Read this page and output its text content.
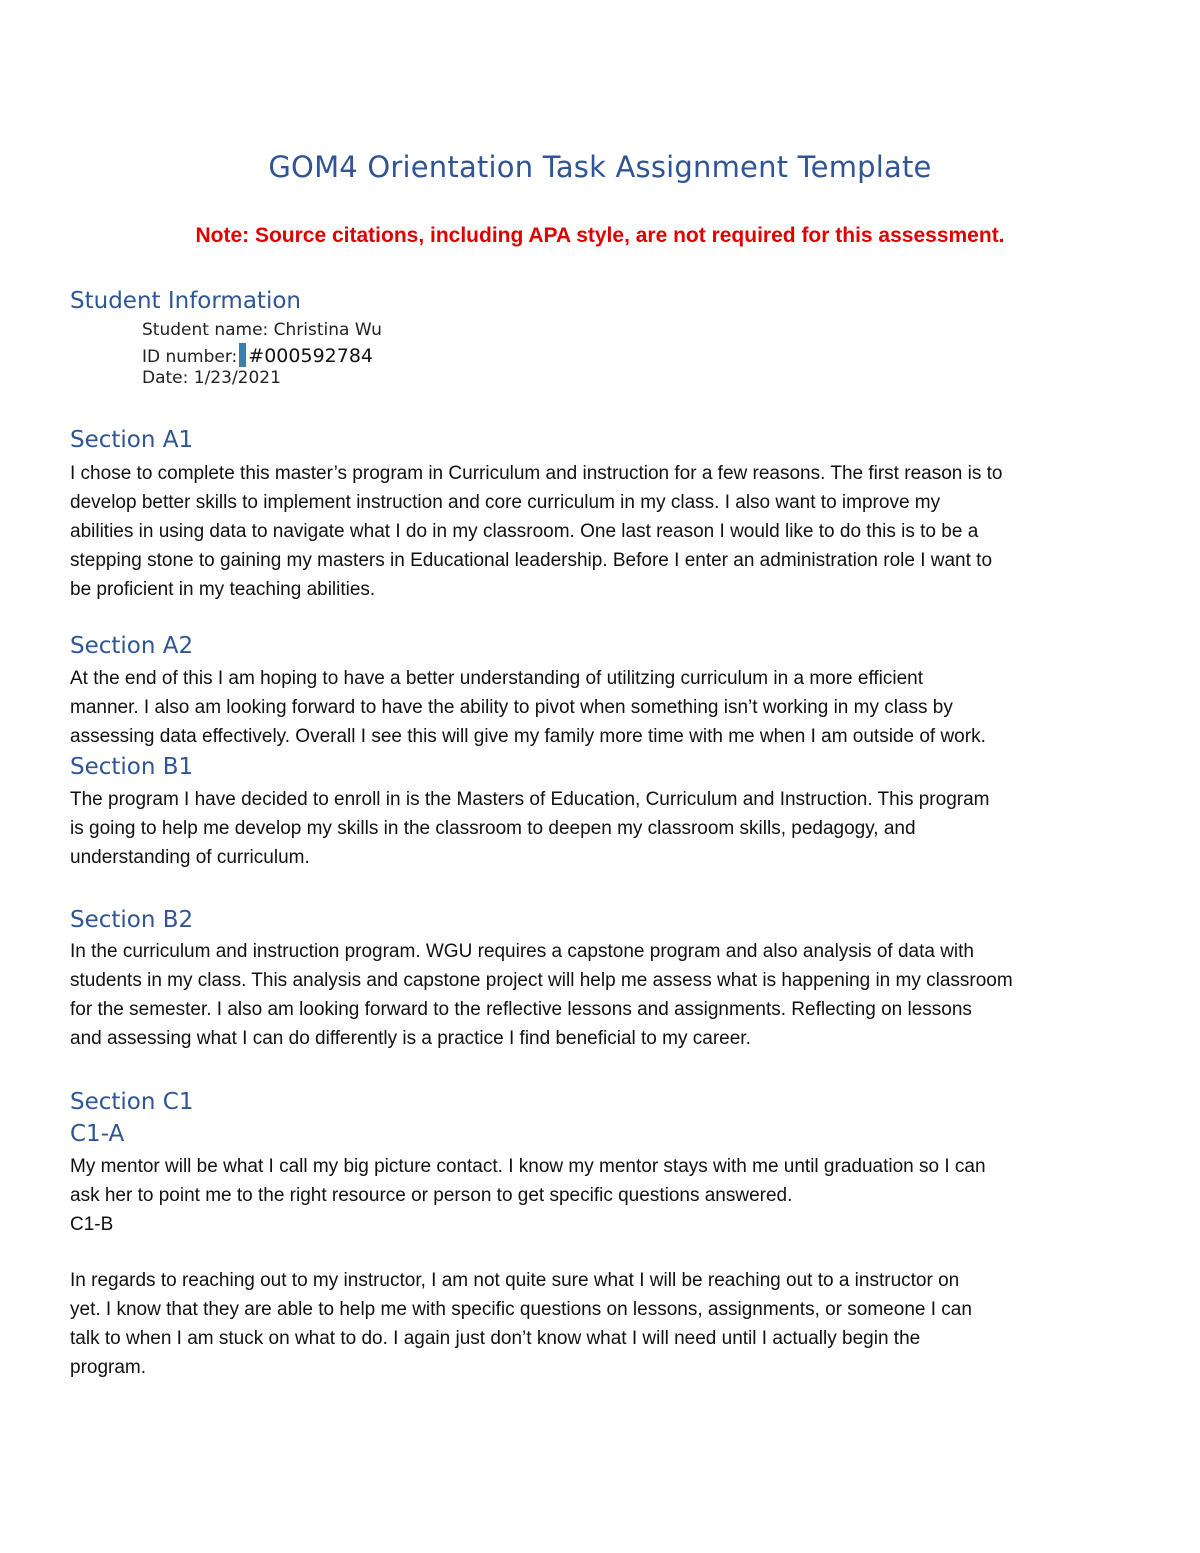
GOM4 Orientation Task Assignment Template
Note: Source citations, including APA style, are not required for this assessment.
Student Information
Student name: Christina Wu
ID number: #000592784
Date: 1/23/2021
Section A1

I chose to complete this master’s program in Curriculum and instruction for a few reasons. The first reason is to

develop better skills to implement instruction and core curriculum in my class. I also want to improve my

abilities in using data to navigate what I do in my classroom. One last reason I would like to do this is to be a

stepping stone to gaining my masters in Educational leadership. Before I enter an administration role I want to

be proficient in my teaching abilities.

Section A2

At the end of this I am hoping to have a better understanding of utilitzing curriculum in a more efficient

manner. I also am looking forward to have the ability to pivot when something isn’t working in my class by

assessing data effectively. Overall I see this will give my family more time with me when I am outside of work.

Section B1

The program I have decided to enroll in is the Masters of Education, Curriculum and Instruction. This program

is going to help me develop my skills in the classroom to deepen my classroom skills, pedagogy, and

understanding of curriculum.

Section B2

In the curriculum and instruction program. WGU requires a capstone program and also analysis of data with

students in my class. This analysis and capstone project will help me assess what is happening in my classroom

for the semester. I also am looking forward to the reflective lessons and assignments. Reflecting on lessons

and assessing what I can do differently is a practice I find beneficial to my career.

Section C1
C1-A

My mentor will be what I call my big picture contact. I know my mentor stays with me until graduation so I can

ask her to point me to the right resource or person to get specific questions answered.

C1-B

In regards to reaching out to my instructor, I am not quite sure what I will be reaching out to a instructor on

yet. I know that they are able to help me with specific questions on lessons, assignments, or someone I can

talk to when I am stuck on what to do. I again just don’t know what I will need until I actually begin the

program.
